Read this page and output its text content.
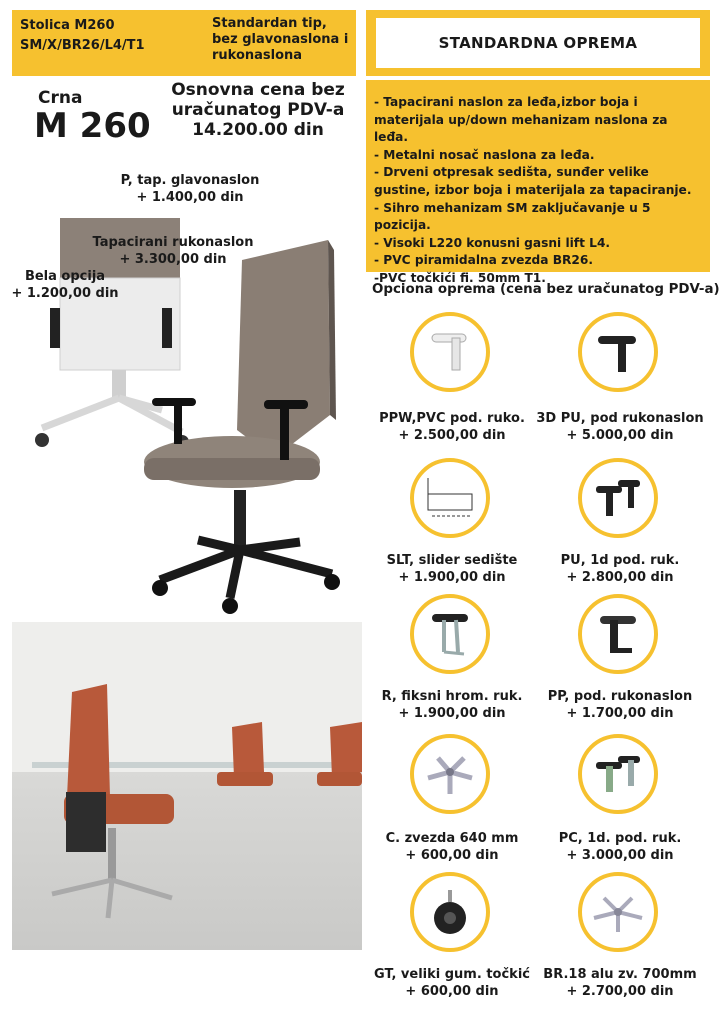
Stolica M260 SM/X/BR26/L4/T1
Standardan tip, bez glavonaslona i rukonaslona
STANDARDNA OPREMA
Crna
M 260
Osnovna cena bez uračunatog PDV-a
14.200.00 din
P, tap. glavonaslon
+ 1.400,00 din
Tapacirani rukonaslon
+ 3.300,00 din
Bela opcija
+ 1.200,00 din
- Tapacirani naslon za leđa,izbor boja i materijala up/down mehanizam naslona za leđa.
- Metalni nosač naslona za leđa.
- Drveni otpresak sedišta, sunđer velike gustine, izbor boja i materijala za tapaciranje.
- Sihro mehanizam SM zaključavanje u 5 pozicija.
- Visoki L220 konusni gasni lift L4.
- PVC piramidalna zvezda BR26.
-PVC točkići fi. 50mm T1.
Opciona oprema (cena bez uračunatog PDV-a)
PPW,PVC pod. ruko.
+ 2.500,00 din
3D PU, pod rukonaslon
+ 5.000,00 din
SLT, slider sedište
+ 1.900,00 din
PU, 1d pod. ruk.
+ 2.800,00 din
R, fiksni hrom. ruk.
+ 1.900,00 din
PP, pod. rukonaslon
+ 1.700,00 din
C. zvezda 640 mm
+ 600,00 din
PC, 1d. pod. ruk.
+ 3.000,00 din
GT, veliki gum. točkić
+ 600,00 din
BR.18 alu zv. 700mm
+ 2.700,00 din
